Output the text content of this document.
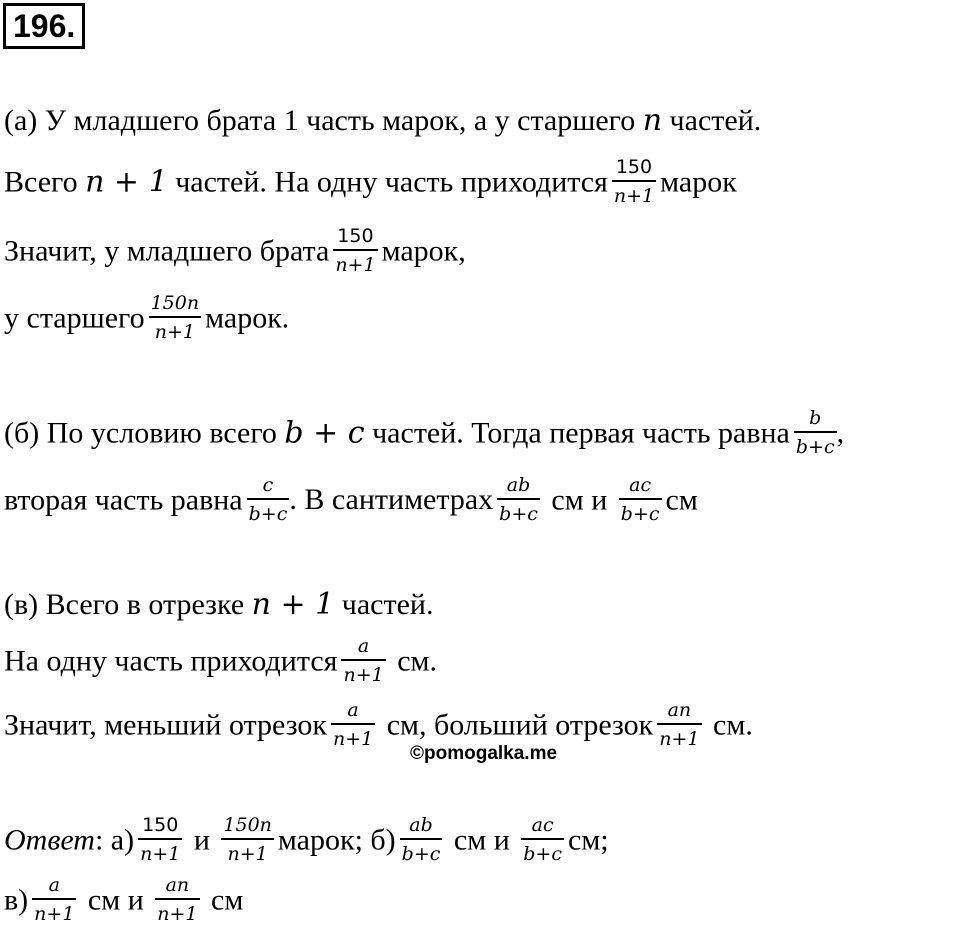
196.
(а) У младшего брата 1 часть марок, а у старшего n частей.
Всего n + 1 частей. На одну часть приходится $\frac{150}{n+1}$ марок
Значит, у младшего брата $\frac{150}{n+1}$ марок,
у старшего $\frac{150n}{n+1}$ марок.
(б) По условию всего b + c частей. Тогда первая часть равна $\frac{b}{b+c}$ ,
вторая часть равна $\frac{c}{b+c}$ . В сантиметрах $\frac{ab}{b+c}$ см и $\frac{ac}{b+c}$ см
(в) Всего в отрезке n + 1 частей.
На одну часть приходится $\frac{a}{n+1}$ см.
Значит, меньший отрезок $\frac{a}{n+1}$ см, больший отрезок $\frac{an}{n+1}$ см.
©pomogalka.me
Ответ: $а) \frac{150}{n+1}$ и $\frac{150n}{n+1}$ марок; $б) \frac{ab}{b+c}$ см и $\frac{ac}{b+c}$ см;
$в) \frac{a}{n+1}$ см и $\frac{an}{n+1}$ см
